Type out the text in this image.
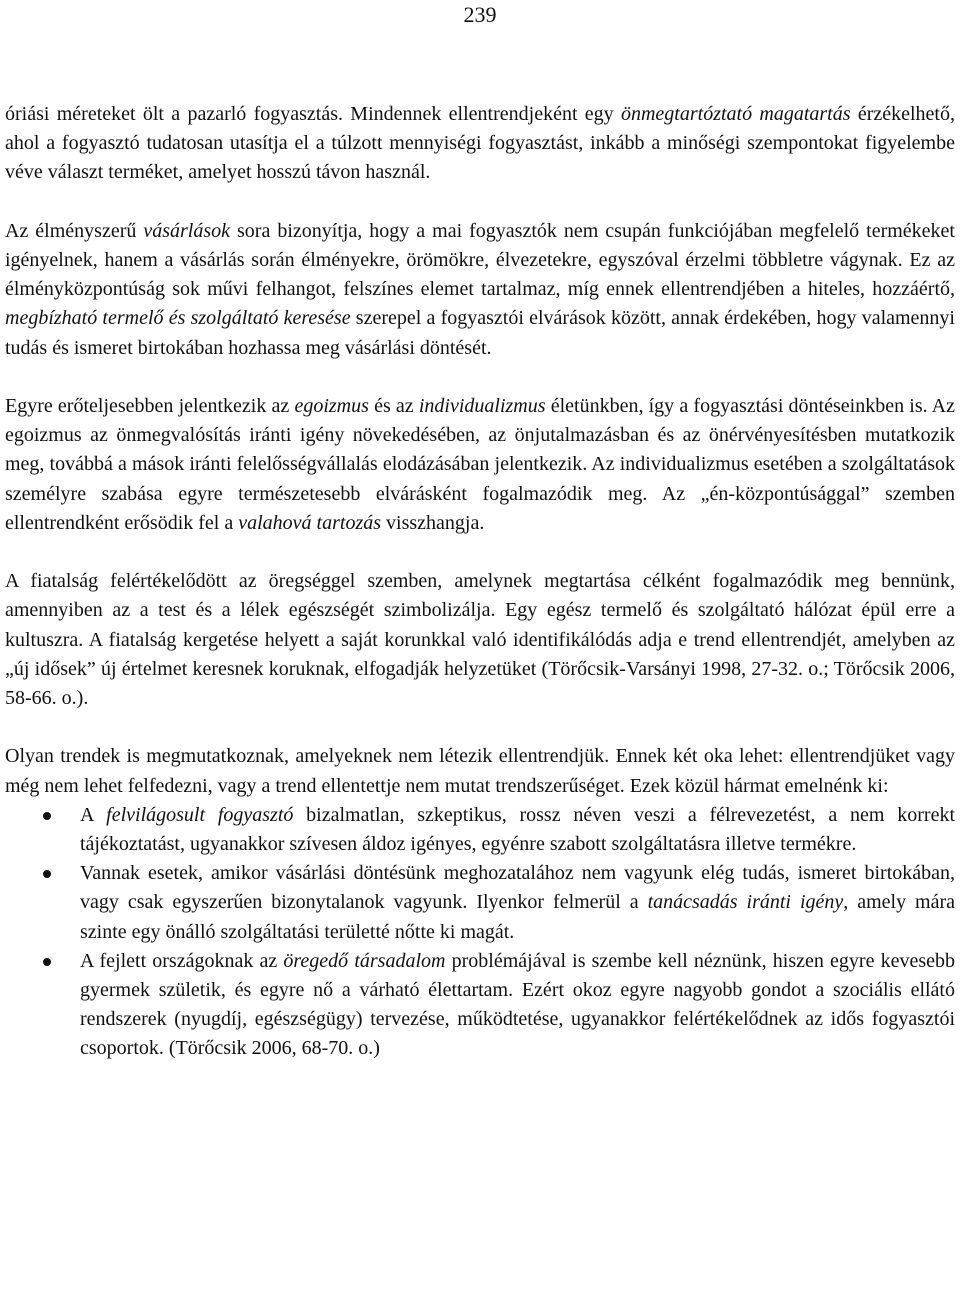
239

óriási méreteket ölt a pazarló fogyasztás. Mindennek ellentrendjeként egy önmegtartóztató magatartás érzékelhető, ahol a fogyasztó tudatosan utasítja el a túlzott mennyiségi fogyasztást, inkább a minőségi szempontokat figyelembe véve választ terméket, amelyet hosszú távon használ.

Az élményszerű vásárlások sora bizonyítja, hogy a mai fogyasztók nem csupán funkciójában megfelelő termékeket igényelnek, hanem a vásárlás során élményekre, örömökre, élvezetekre, egyszóval érzelmi többletre vágynak. Ez az élményközpontúság sok művi felhangot, felszínes elemet tartalmaz, míg ennek ellentrendjében a hiteles, hozzáértő, megbízható termelő és szolgáltató keresése szerepel a fogyasztói elvárások között, annak érdekében, hogy valamennyi tudás és ismeret birtokában hozhassa meg vásárlási döntését.

Egyre erőteljesebben jelentkezik az egoizmus és az individualizmus életünkben, így a fogyasztási döntéseinkben is. Az egoizmus az önmegvalósítás iránti igény növekedésében, az önjutalmazásban és az önérvényesítésben mutatkozik meg, továbbá a mások iránti felelősségvállalás elodázásában jelentkezik. Az individualizmus esetében a szolgáltatások személyre szabása egyre természetesebb elvárásként fogalmazódik meg. Az „én-központúsággal” szemben ellentrendként erősödik fel a valahová tartozás visszhangja.

A fiatalság felértékelődött az öregséggel szemben, amelynek megtartása célként fogalmazódik meg bennünk, amennyiben az a test és a lélek egészségét szimbolizálja. Egy egész termelő és szolgáltató hálózat épül erre a kultuszra. A fiatalság kergetése helyett a saját korunkkal való identifikálódás adja e trend ellentrendjét, amelyben az „új idősek” új értelmet keresnek koruknak, elfogadják helyzetüket (Törőcsik-Varsányi 1998, 27-32. o.; Törőcsik 2006, 58-66. o.).

Olyan trendek is megmutatkoznak, amelyeknek nem létezik ellentrendjük. Ennek két oka lehet: ellentrendjüket vagy még nem lehet felfedezni, vagy a trend ellentettje nem mutat trendszerűséget. Ezek közül hármat emelnénk ki:

A felvilágosult fogyasztó bizalmatlan, szkeptikus, rossz néven veszi a félrevezetést, a nem korrekt tájékoztatást, ugyanakkor szívesen áldoz igényes, egyénre szabott szolgáltatásra illetve termékre.
Vannak esetek, amikor vásárlási döntésünk meghozatalához nem vagyunk elég tudás, ismeret birtokában, vagy csak egyszerűen bizonytalanok vagyunk. Ilyenkor felmerül a tanácsadás iránti igény, amely mára szinte egy önálló szolgáltatási területté nőtte ki magát.
A fejlett országoknak az öregedő társadalom problémájával is szembe kell néznünk, hiszen egyre kevesebb gyermek születik, és egyre nő a várható élettartam. Ezért okoz egyre nagyobb gondot a szociális ellátó rendszerek (nyugdíj, egészségügy) tervezése, működtetése, ugyanakkor felértékelődnek az idős fogyasztói csoportok. (Törőcsik 2006, 68-70. o.)
